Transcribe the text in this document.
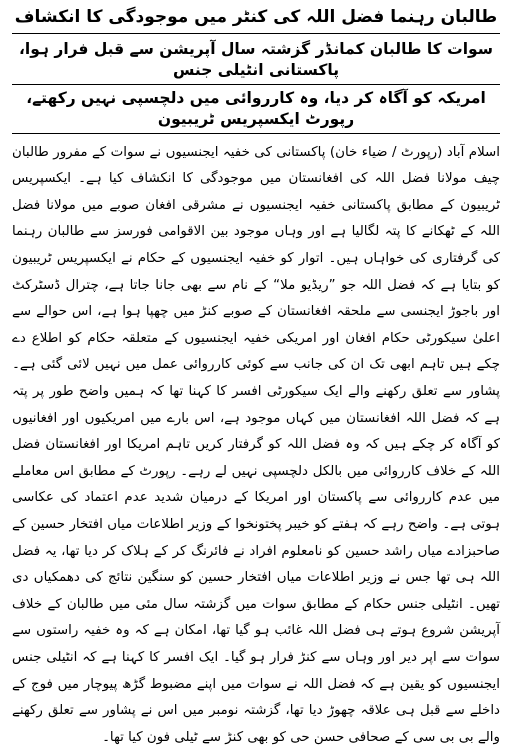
طالبان رہنما فضل اللہ کی کنٹر میں موجودگی کا انکشاف
سوات کا طالبان کمانڈر گزشتہ سال آپریشن سے قبل فرار ہوا، پاکستانی انٹیلی جنس
امریکہ کو آگاہ کر دیا، وہ کارروائی میں دلچسپی نہیں رکھتے، رپورٹ ایکسپریس ٹریبیون

اسلام آباد (رپورٹ / ضیاء خان) پاکستانی کی خفیہ ایجنسیوں نے سوات کے مفرور طالبان چیف مولانا فضل اللہ کی افغانستان میں موجودگی کا انکشاف کیا ہے۔ ایکسپریس ٹریبیون کے مطابق پاکستانی خفیہ ایجنسیوں نے مشرقی افغان صوبے میں مولانا فضل اللہ کے ٹھکانے کا پتہ لگالیا ہے اور وہاں موجود بین الاقوامی فورسز سے طالبان رہنما کی گرفتاری کی خواہاں ہیں۔ اتوار کو خفیہ ایجنسیوں کے حکام نے ایکسپریس ٹریبیون کو بتایا ہے کہ فضل اللہ جو ”ریڈیو ملا“ کے نام سے بھی جانا جاتا ہے، چترال ڈسٹرکٹ اور باجوڑ ایجنسی سے ملحقہ افغانستان کے صوبے کنڑ میں چھپا ہوا ہے، اس حوالے سے اعلیٰ سیکورٹی حکام افغان اور امریکی خفیہ ایجنسیوں کے متعلقہ حکام کو اطلاع دے چکے ہیں تاہم ابھی تک ان کی جانب سے کوئی کارروائی عمل میں نہیں لائی گئی ہے۔ پشاور سے تعلق رکھنے والے ایک سیکورٹی افسر کا کہنا تھا کہ ہمیں واضح طور پر پتہ ہے کہ فضل اللہ افغانستان میں کہاں موجود ہے، اس بارے میں امریکیوں اور افغانیوں کو آگاہ کر چکے ہیں کہ وہ فضل اللہ کو گرفتار کریں تاہم امریکا اور افغانستان فضل اللہ کے خلاف کارروائی میں بالکل دلچسپی نہیں لے رہے۔ رپورٹ کے مطابق اس معاملے میں عدم کارروائی سے پاکستان اور امریکا کے درمیان شدید عدم اعتماد کی عکاسی ہوتی ہے۔ واضح رہے کہ ہفتے کو خیبر پختونخوا کے وزیر اطلاعات میاں افتخار حسین کے صاحبزادے میاں راشد حسین کو نامعلوم افراد نے فائرنگ کر کے ہلاک کر دیا تھا، یہ فضل اللہ ہی تھا جس نے وزیر اطلاعات میاں افتخار حسین کو سنگین نتائج کی دھمکیاں دی تھیں۔ انٹیلی جنس حکام کے مطابق سوات میں گزشتہ سال مئی میں طالبان کے خلاف آپریشن شروع ہوتے ہی فضل اللہ غائب ہو گیا تھا، امکان ہے کہ وہ خفیہ راستوں سے سوات سے اپر دیر اور وہاں سے کنڑ فرار ہو گیا۔ ایک افسر کا کہنا ہے کہ انٹیلی جنس ایجنسیوں کو یقین ہے کہ فضل اللہ نے سوات میں اپنے مضبوط گڑھ پیوچار میں فوج کے داخلے سے قبل ہی علاقہ چھوڑ دیا تھا، گزشتہ نومبر میں اس نے پشاور سے تعلق رکھنے والے بی بی سی کے صحافی حسن حی کو بھی کنڑ سے ٹیلی فون کیا تھا۔
